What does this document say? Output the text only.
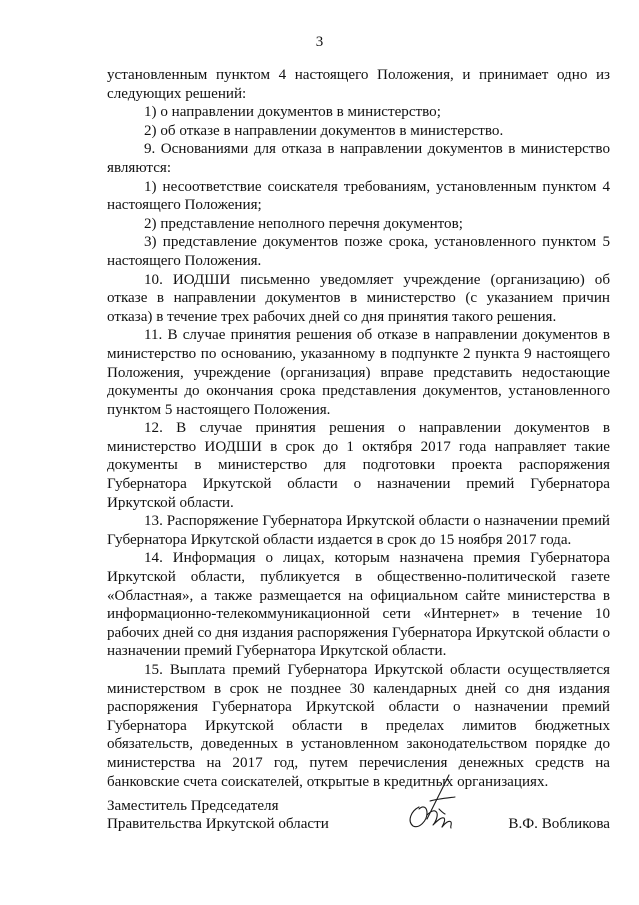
3

установленным пунктом 4 настоящего Положения, и принимает одно из следующих решений:

1) о направлении документов в министерство;

2) об отказе в направлении документов в министерство.

9. Основаниями для отказа в направлении документов в министерство являются:

1) несоответствие соискателя требованиям, установленным пунктом 4 настоящего Положения;

2) представление неполного перечня документов;

3) представление документов позже срока, установленного пунктом 5 настоящего Положения.

10. ИОДШИ письменно уведомляет учреждение (организацию) об отказе в направлении документов в министерство (с указанием причин отказа) в течение трех рабочих дней со дня принятия такого решения.

11. В случае принятия решения об отказе в направлении документов в министерство по основанию, указанному в подпункте 2 пункта 9 настоящего Положения, учреждение (организация) вправе представить недостающие документы до окончания срока представления документов, установленного пунктом 5 настоящего Положения.

12. В случае принятия решения о направлении документов в министерство ИОДШИ в срок до 1 октября 2017 года направляет такие документы в министерство для подготовки проекта распоряжения Губернатора Иркутской области о назначении премий Губернатора Иркутской области.

13. Распоряжение Губернатора Иркутской области о назначении премий Губернатора Иркутской области издается в срок до 15 ноября 2017 года.

14. Информация о лицах, которым назначена премия Губернатора Иркутской области, публикуется в общественно-политической газете «Областная», а также размещается на официальном сайте министерства в информационно-телекоммуникационной сети «Интернет» в течение 10 рабочих дней со дня издания распоряжения Губернатора Иркутской области о назначении премий Губернатора Иркутской области.

15. Выплата премий Губернатора Иркутской области осуществляется министерством в срок не позднее 30 календарных дней со дня издания распоряжения Губернатора Иркутской области о назначении премий Губернатора Иркутской области в пределах лимитов бюджетных обязательств, доведенных в установленном законодательством порядке до министерства на 2017 год, путем перечисления денежных средств на банковские счета соискателей, открытые в кредитных организациях.

Заместитель Председателя
Правительства Иркутской области	В.Ф. Вобликова
